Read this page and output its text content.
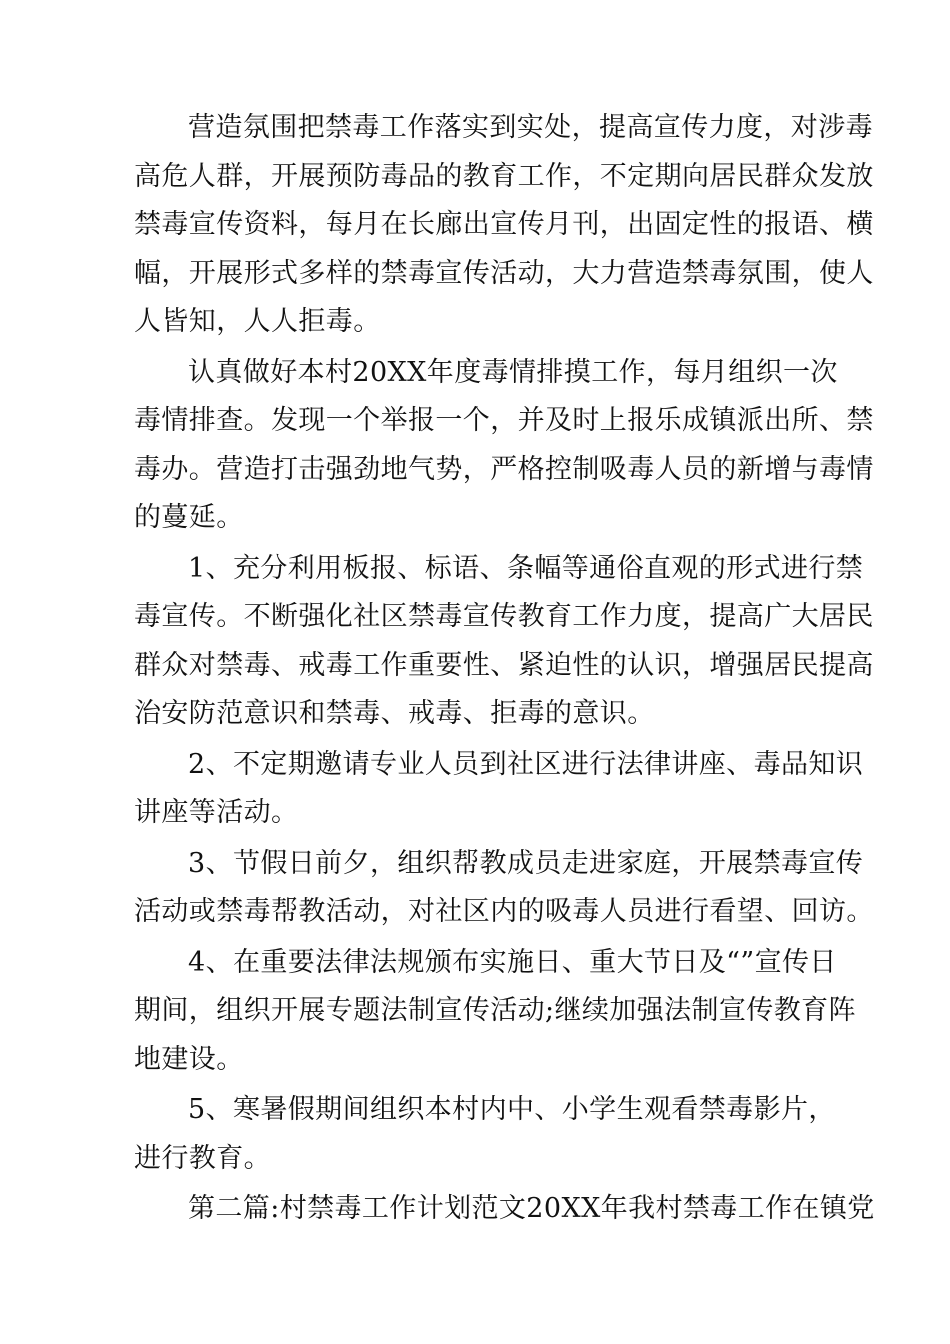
营造氛围把禁毒工作落实到实处，提高宣传力度，对涉毒
高危人群，开展预防毒品的教育工作，不定期向居民群众发放
禁毒宣传资料，每月在长廊出宣传月刊，出固定性的报语、横
幅，开展形式多样的禁毒宣传活动，大力营造禁毒氛围，使人
人皆知，人人拒毒。
认真做好本村20XX年度毒情排摸工作，每月组织一次
毒情排查。发现一个举报一个，并及时上报乐成镇派出所、禁
毒办。营造打击强劲地气势，严格控制吸毒人员的新增与毒情
的蔓延。
1、充分利用板报、标语、条幅等通俗直观的形式进行禁
毒宣传。不断强化社区禁毒宣传教育工作力度，提高广大居民
群众对禁毒、戒毒工作重要性、紧迫性的认识，增强居民提高
治安防范意识和禁毒、戒毒、拒毒的意识。
2、不定期邀请专业人员到社区进行法律讲座、毒品知识
讲座等活动。
3、节假日前夕，组织帮教成员走进家庭，开展禁毒宣传
活动或禁毒帮教活动，对社区内的吸毒人员进行看望、回访。
4、在重要法律法规颁布实施日、重大节日及“”宣传日
期间，组织开展专题法制宣传活动;继续加强法制宣传教育阵
地建设。
5、寒暑假期间组织本村内中、小学生观看禁毒影片，
进行教育。
第二篇:村禁毒工作计划范文20XX年我村禁毒工作在镇党
